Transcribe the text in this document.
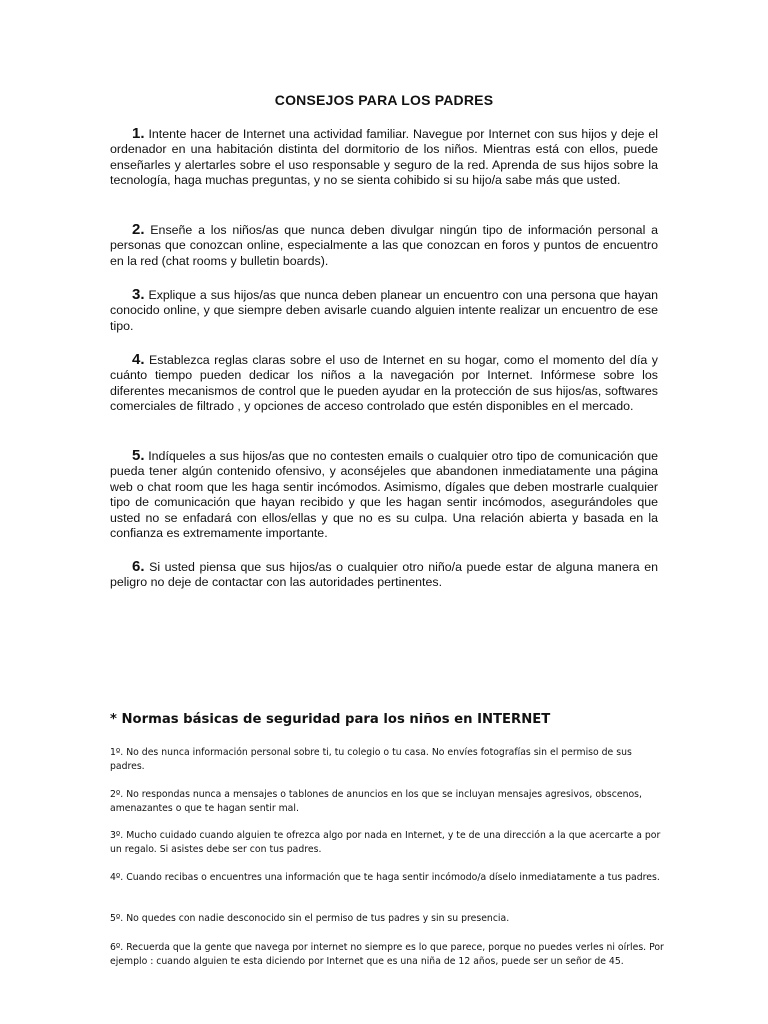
CONSEJOS PARA LOS PADRES

1. Intente hacer de Internet una actividad familiar. Navegue por Internet con sus hijos y deje el ordenador en una habitación distinta del dormitorio de los niños. Mientras está con ellos, puede enseñarles y alertarles sobre el uso responsable y seguro de la red. Aprenda de sus hijos sobre la tecnología, haga muchas preguntas, y no se sienta cohibido si su hijo/a sabe más que usted.

2. Enseñe a los niños/as que nunca deben divulgar ningún tipo de información personal a personas que conozcan online, especialmente a las que conozcan en foros y puntos de encuentro en la red (chat rooms y bulletin boards).

3. Explique a sus hijos/as que nunca deben planear un encuentro con una persona que hayan conocido online, y que siempre deben avisarle cuando alguien intente realizar un encuentro de ese tipo.

4. Establezca reglas claras sobre el uso de Internet en su hogar, como el momento del día y cuánto tiempo pueden dedicar los niños a la navegación por Internet. Infórmese sobre los diferentes mecanismos de control que le pueden ayudar en la protección de sus hijos/as, softwares comerciales de filtrado , y opciones de acceso controlado que estén disponibles en el mercado.

5. Indíqueles a sus hijos/as que no contesten emails o cualquier otro tipo de comunicación que pueda tener algún contenido ofensivo, y aconséjeles que abandonen inmediatamente una página web o chat room que les haga sentir incómodos. Asimismo, dígales que deben mostrarle cualquier tipo de comunicación que hayan recibido y que les hagan sentir incómodos, asegurándoles que usted no se enfadará con ellos/ellas y que no es su culpa. Una relación abierta y basada en la confianza es extremamente importante.

6. Si usted piensa que sus hijos/as o cualquier otro niño/a puede estar de alguna manera en peligro no deje de contactar con las autoridades pertinentes.

* Normas básicas de seguridad para los niños en INTERNET

1º. No des nunca información personal sobre ti, tu colegio o tu casa. No envíes fotografías sin el permiso de sus padres.

2º. No respondas nunca a mensajes o tablones de anuncios en los que se incluyan mensajes agresivos, obscenos, amenazantes o que te hagan sentir mal.

3º. Mucho cuidado cuando alguien te ofrezca algo por nada en Internet, y te de una dirección a la que acercarte a por un regalo. Si asistes debe ser con tus padres.

4º. Cuando recibas o encuentres una información que te haga sentir incómodo/a díselo inmediatamente a tus padres.

5º. No quedes con nadie desconocido sin el permiso de tus padres y sin su presencia.

6º. Recuerda que la gente que navega por internet no siempre es lo que parece, porque no puedes verles ni oírles. Por ejemplo : cuando alguien te esta diciendo por Internet que es una niña de 12 años, puede ser un señor de 45.
